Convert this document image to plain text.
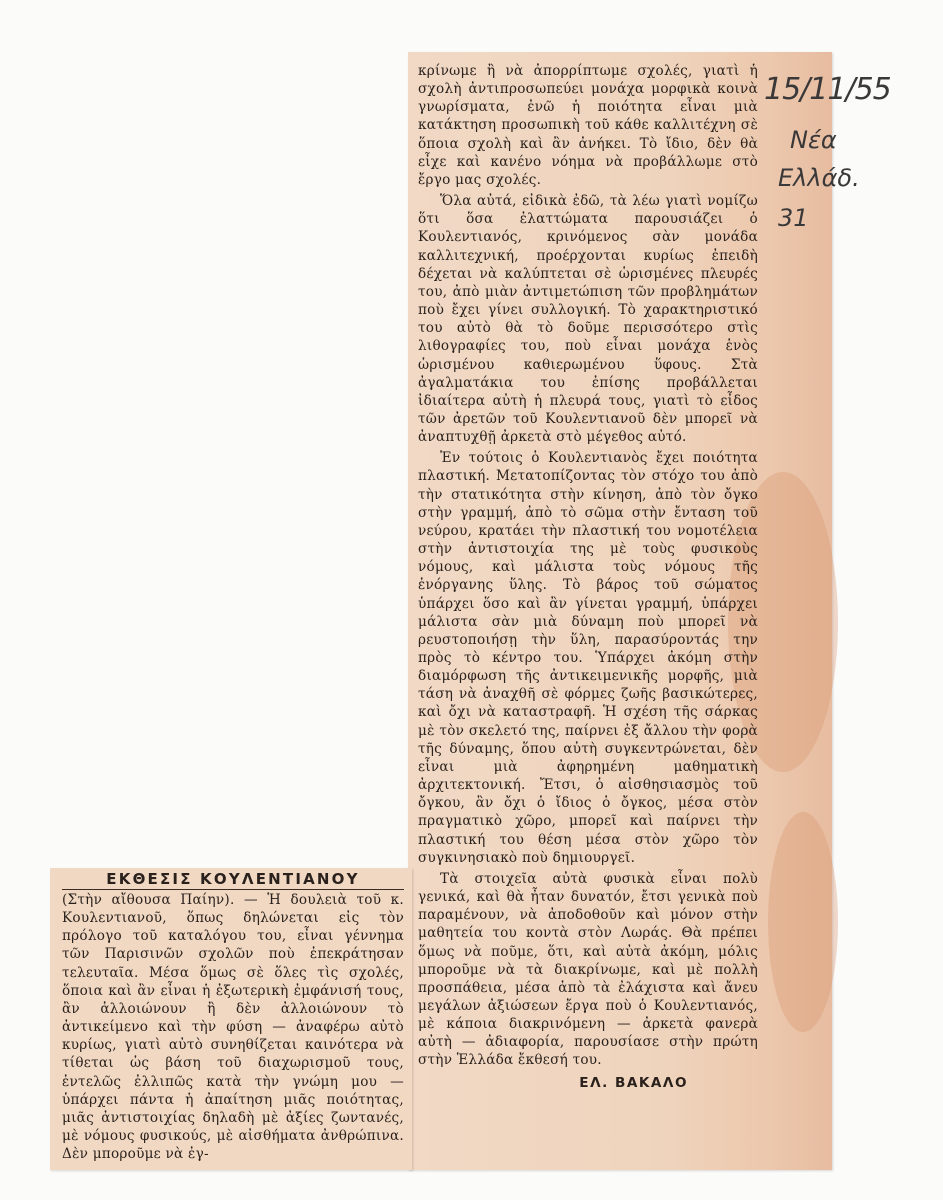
κρίνωμε ἢ νὰ ἀπορρίπτωμε σχολές, γιατὶ ἡ σχολὴ ἀντιπροσωπεύει μονάχα μορφικὰ κοινὰ γνωρίσματα, ἐνῶ ἡ ποιότητα εἶναι μιὰ κατάκτηση προσωπικὴ τοῦ κάθε καλλιτέχνη σὲ ὅποια σχολὴ καὶ ἂν ἀνήκει. Τὸ ἴδιο, δὲν θὰ εἶχε καὶ κανένο νόημα νὰ προβάλλωμε στὸ ἔργο μας σχολές.

Ὅλα αὐτά, εἰδικὰ ἐδῶ, τὰ λέω γιατὶ νομίζω ὅτι ὅσα ἐλαττώματα παρουσιάζει ὁ Κουλεντιανός, κρινόμενος σὰν μονάδα καλλιτεχνική, προέρχονται κυρίως ἐπειδὴ δέχεται νὰ καλύπτεται σὲ ὡρισμένες πλευρές του, ἀπὸ μιὰν ἀντιμετώπιση τῶν προβλημάτων ποὺ ἔχει γίνει συλλογική. Τὸ χαρακτηριστικό του αὐτὸ θὰ τὸ δοῦμε περισσότερο στὶς λιθογραφίες του, ποὺ εἶναι μονάχα ἑνὸς ὡρισμένου καθιερωμένου ὕφους. Στὰ ἀγαλματάκια του ἐπίσης προβάλλεται ἰδιαίτερα αὐτὴ ἡ πλευρά τους, γιατὶ τὸ εἶδος τῶν ἀρετῶν τοῦ Κουλεντιανοῦ δὲν μπορεῖ νὰ ἀναπτυχθῇ ἀρκετὰ στὸ μέγεθος αὐτό.

Ἐν τούτοις ὁ Κουλεντιανὸς ἔχει ποιότητα πλαστική. Μετατοπίζοντας τὸν στόχο του ἀπὸ τὴν στατικότητα στὴν κίνηση, ἀπὸ τὸν ὄγκο στὴν γραμμή, ἀπὸ τὸ σῶμα στὴν ἔνταση τοῦ νεύρου, κρατάει τὴν πλαστική του νομοτέλεια στὴν ἀντιστοιχία της μὲ τοὺς φυσικοὺς νόμους, καὶ μάλιστα τοὺς νόμους τῆς ἐνόργανης ὕλης. Τὸ βάρος τοῦ σώματος ὑπάρχει ὅσο καὶ ἂν γίνεται γραμμή, ὑπάρχει μάλιστα σὰν μιὰ δύναμη ποὺ μπορεῖ νὰ ρευστοποιήσῃ τὴν ὕλη, παρασύροντάς την πρὸς τὸ κέντρο του. Ὑπάρχει ἀκόμη στὴν διαμόρφωση τῆς ἀντικειμενικῆς μορφῆς, μιὰ τάση νὰ ἀναχθῆ σὲ φόρμες ζωῆς βασικώτερες, καὶ ὄχι νὰ καταστραφῆ. Ἡ σχέση τῆς σάρκας μὲ τὸν σκελετό της, παίρνει ἐξ ἄλλου τὴν φορὰ τῆς δύναμης, ὅπου αὐτὴ συγκεντρώνεται, δὲν εἶναι μιὰ ἀφηρημένη μαθηματικὴ ἀρχιτεκτονική. Ἔτσι, ὁ αἰσθησιασμὸς τοῦ ὄγκου, ἂν ὄχι ὁ ἴδιος ὁ ὄγκος, μέσα στὸν πραγματικὸ χῶρο, μπορεῖ καὶ παίρνει τὴν πλαστική του θέση μέσα στὸν χῶρο τὸν συγκινησιακὸ ποὺ δημιουργεῖ.

Τὰ στοιχεῖα αὐτὰ φυσικὰ εἶναι πολὺ γενικά, καὶ θὰ ἦταν δυνατόν, ἔτσι γενικὰ ποὺ παραμένουν, νὰ ἀποδοθοῦν καὶ μόνον στὴν μαθητεία του κοντὰ στὸν Λωράς. Θὰ πρέπει ὅμως νὰ ποῦμε, ὅτι, καὶ αὐτὰ ἀκόμη, μόλις μποροῦμε νὰ τὰ διακρίνωμε, καὶ μὲ πολλὴ προσπάθεια, μέσα ἀπὸ τὰ ἐλάχιστα καὶ ἄνευ μεγάλων ἀξιώσεων ἔργα ποὺ ὁ Κουλεντιανός, μὲ κάποια διακρινόμενη — ἀρκετὰ φανερὰ αὐτὴ — ἀδιαφορία, παρουσίασε στὴν πρώτη στὴν Ἑλλάδα ἔκθεσή του.

ΕΛ. ΒΑΚΑΛΟ
ΕΚΘΕΣΙΣ ΚΟΥΛΕΝΤΙΑΝΟΥ

(Στὴν αἴθουσα Παίην). — Ἡ δουλειὰ τοῦ κ. Κουλεντιανοῦ, ὅπως δηλώνεται εἰς τὸν πρόλογο τοῦ καταλόγου του, εἶναι γέννημα τῶν Παρισινῶν σχολῶν ποὺ ἐπεκράτησαν τελευταῖα. Μέσα ὅμως σὲ ὅλες τὶς σχολές, ὅποια καὶ ἂν εἶναι ἡ ἐξωτερικὴ ἐμφάνισή τους, ἂν ἀλλοιώνουν ἢ δὲν ἀλλοιώνουν τὸ ἀντικείμενο καὶ τὴν φύση — ἀναφέρω αὐτὸ κυρίως, γιατὶ αὐτὸ συνηθίζεται καινότερα νὰ τίθεται ὡς βάση τοῦ διαχωρισμοῦ τους, ἐντελῶς ἐλλιπῶς κατὰ τὴν γνώμη μου — ὑπάρχει πάντα ἡ ἀπαίτηση μιᾶς ποιότητας, μιᾶς ἀντιστοιχίας δηλαδὴ μὲ ἀξίες ζωντανές, μὲ νόμους φυσικούς, μὲ αἰσθήματα ἀνθρώπινα. Δὲν μποροῦμε νὰ ἐγ-

15/11/55
Νέα
Ελλάδ.
31
